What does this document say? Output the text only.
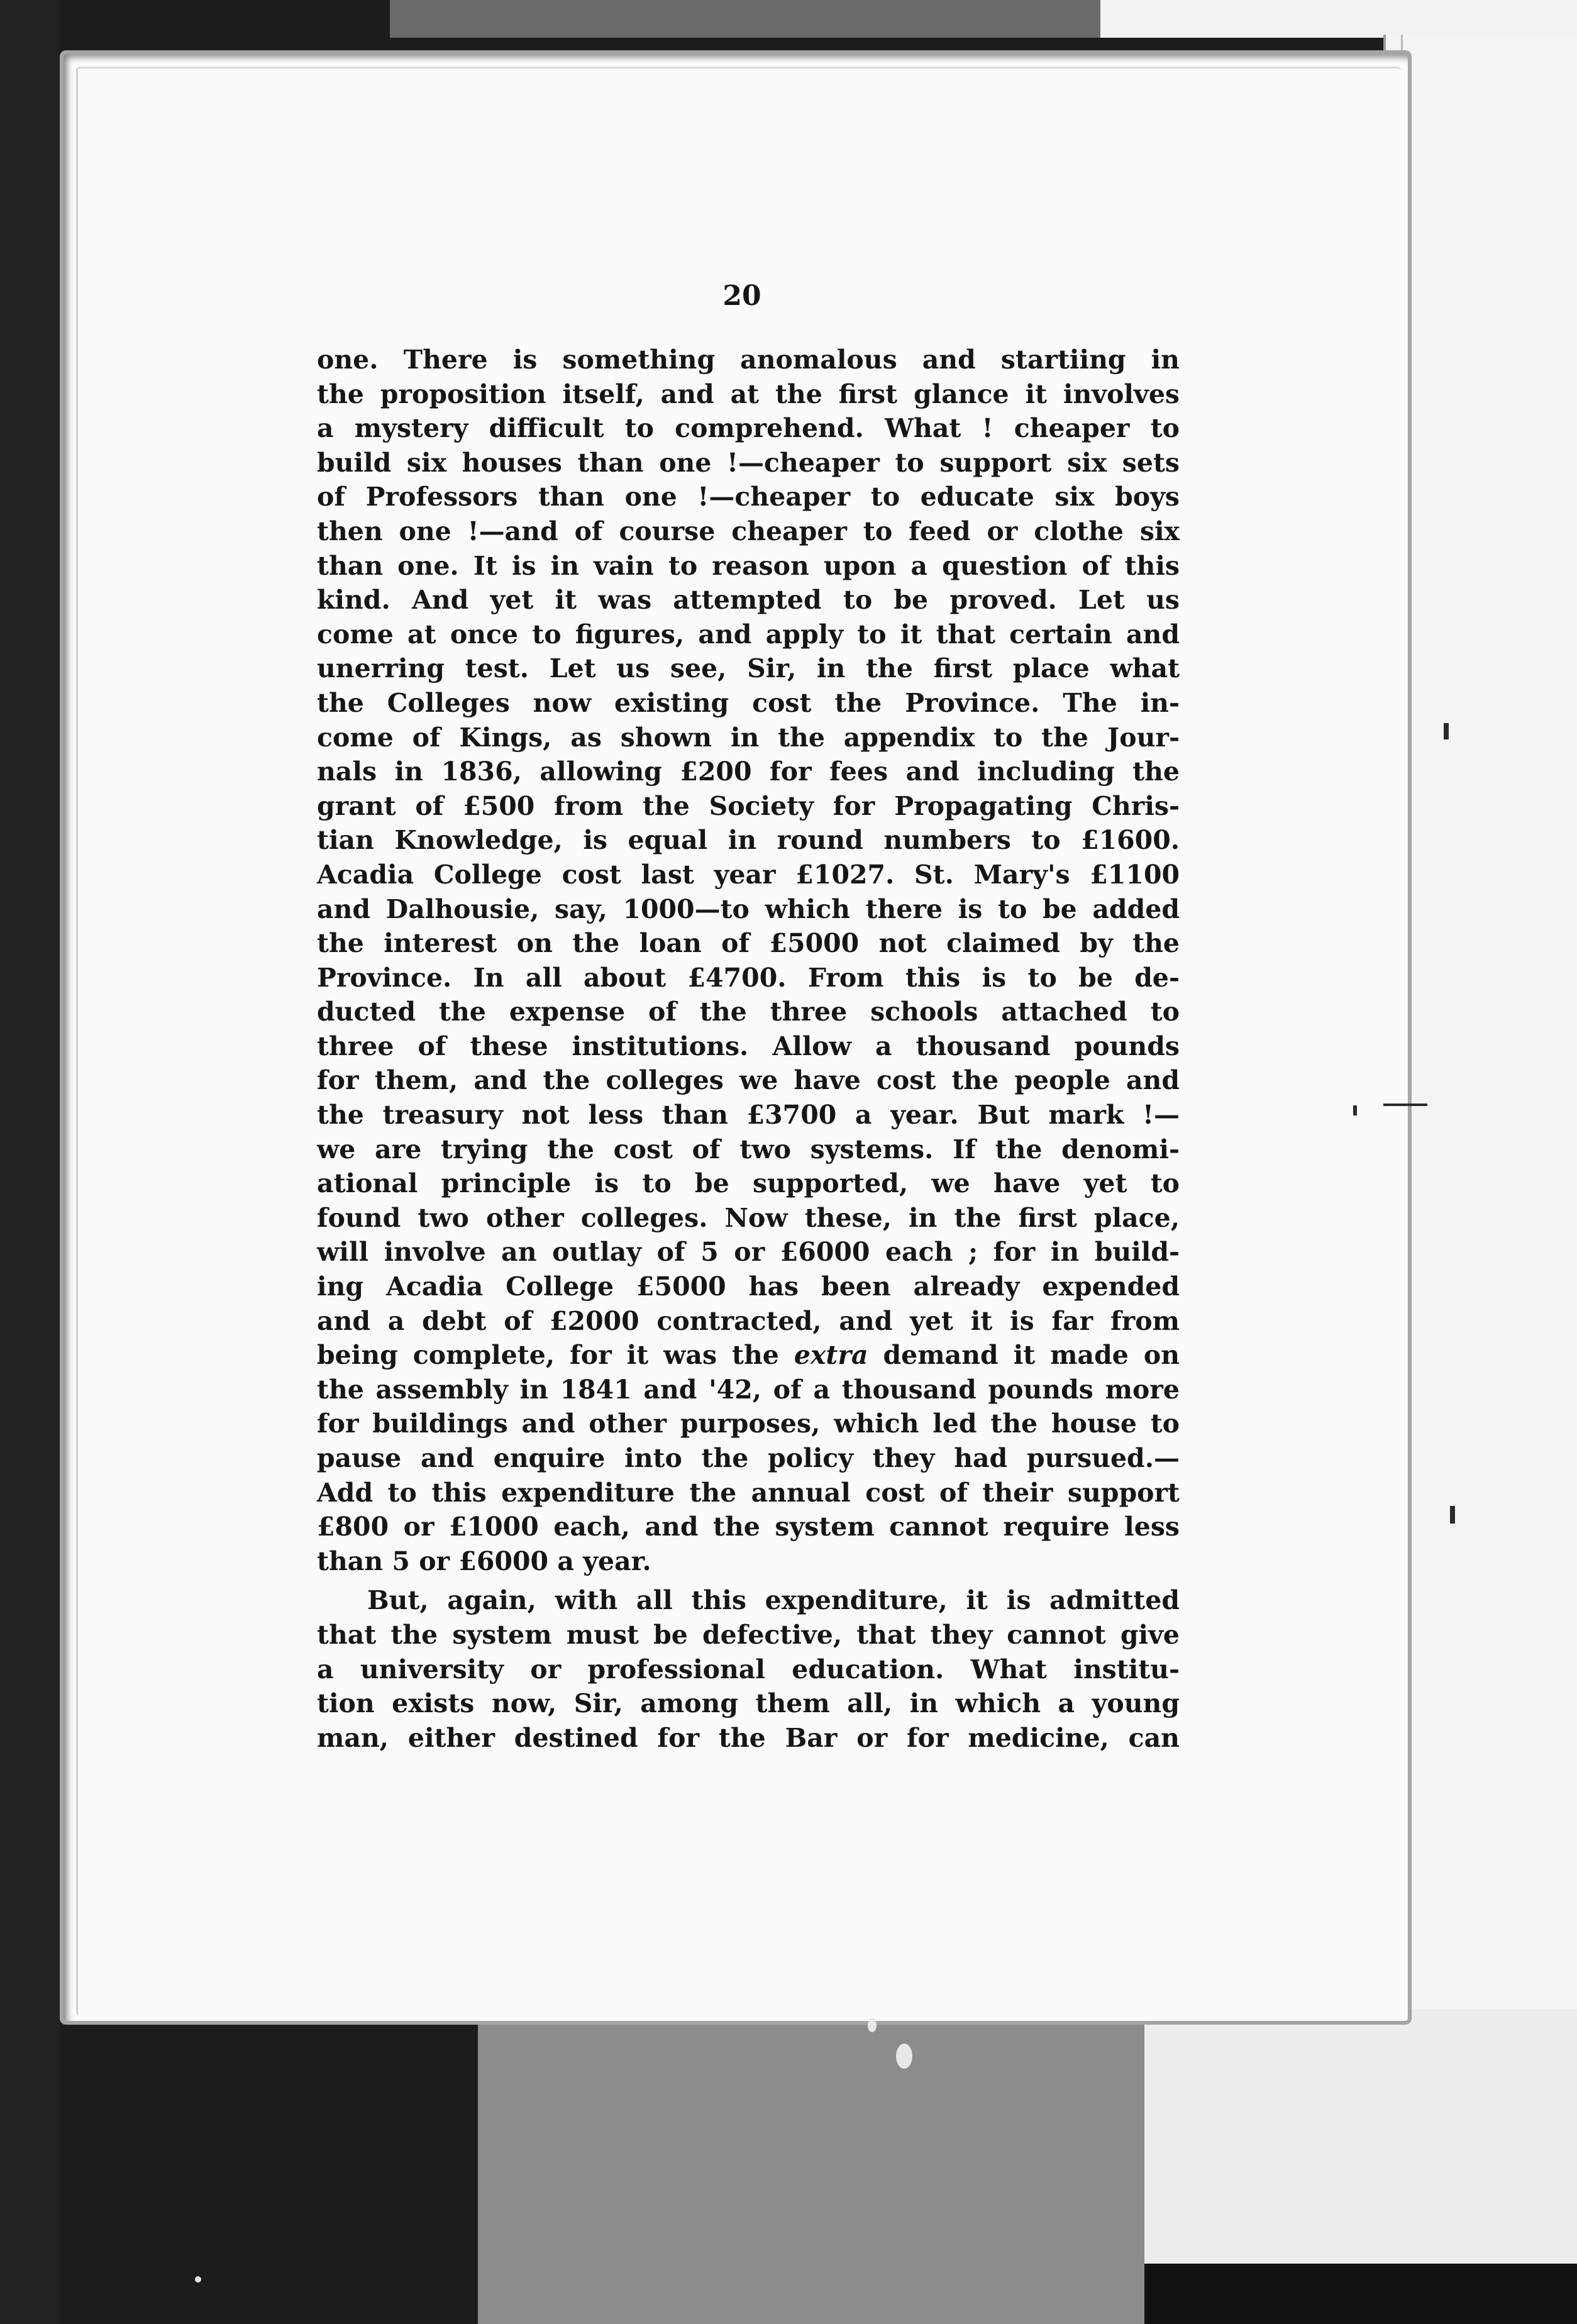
20
one. There is something anomalous and startiing in
the proposition itself, and at the first glance it involves
a mystery difficult to comprehend. What ! cheaper to
build six houses than one !—cheaper to support six sets
of Professors than one !—cheaper to educate six boys
then one !—and of course cheaper to feed or clothe six
than one. It is in vain to reason upon a question of this
kind. And yet it was attempted to be proved. Let us
come at once to figures, and apply to it that certain and
unerring test. Let us see, Sir, in the first place what
the Colleges now existing cost the Province. The in-
come of Kings, as shown in the appendix to the Jour-
nals in 1836, allowing £200 for fees and including the
grant of £500 from the Society for Propagating Chris-
tian Knowledge, is equal in round numbers to £1600.
Acadia College cost last year £1027. St. Mary's £1100
and Dalhousie, say, 1000—to which there is to be added
the interest on the loan of £5000 not claimed by the
Province. In all about £4700. From this is to be de-
ducted the expense of the three schools attached to
three of these institutions. Allow a thousand pounds
for them, and the colleges we have cost the people and
the treasury not less than £3700 a year. But mark !—
we are trying the cost of two systems. If the denomi-
ational principle is to be supported, we have yet to
found two other colleges. Now these, in the first place,
will involve an outlay of 5 or £6000 each ; for in build-
ing Acadia College £5000 has been already expended
and a debt of £2000 contracted, and yet it is far from
being complete, for it was the extra demand it made on
the assembly in 1841 and '42, of a thousand pounds more
for buildings and other purposes, which led the house to
pause and enquire into the policy they had pursued.—
Add to this expenditure the annual cost of their support
£800 or £1000 each, and the system cannot require less
than 5 or £6000 a year.
But, again, with all this expenditure, it is admitted
that the system must be defective, that they cannot give
a university or professional education. What institu-
tion exists now, Sir, among them all, in which a young
man, either destined for the Bar or for medicine, can
